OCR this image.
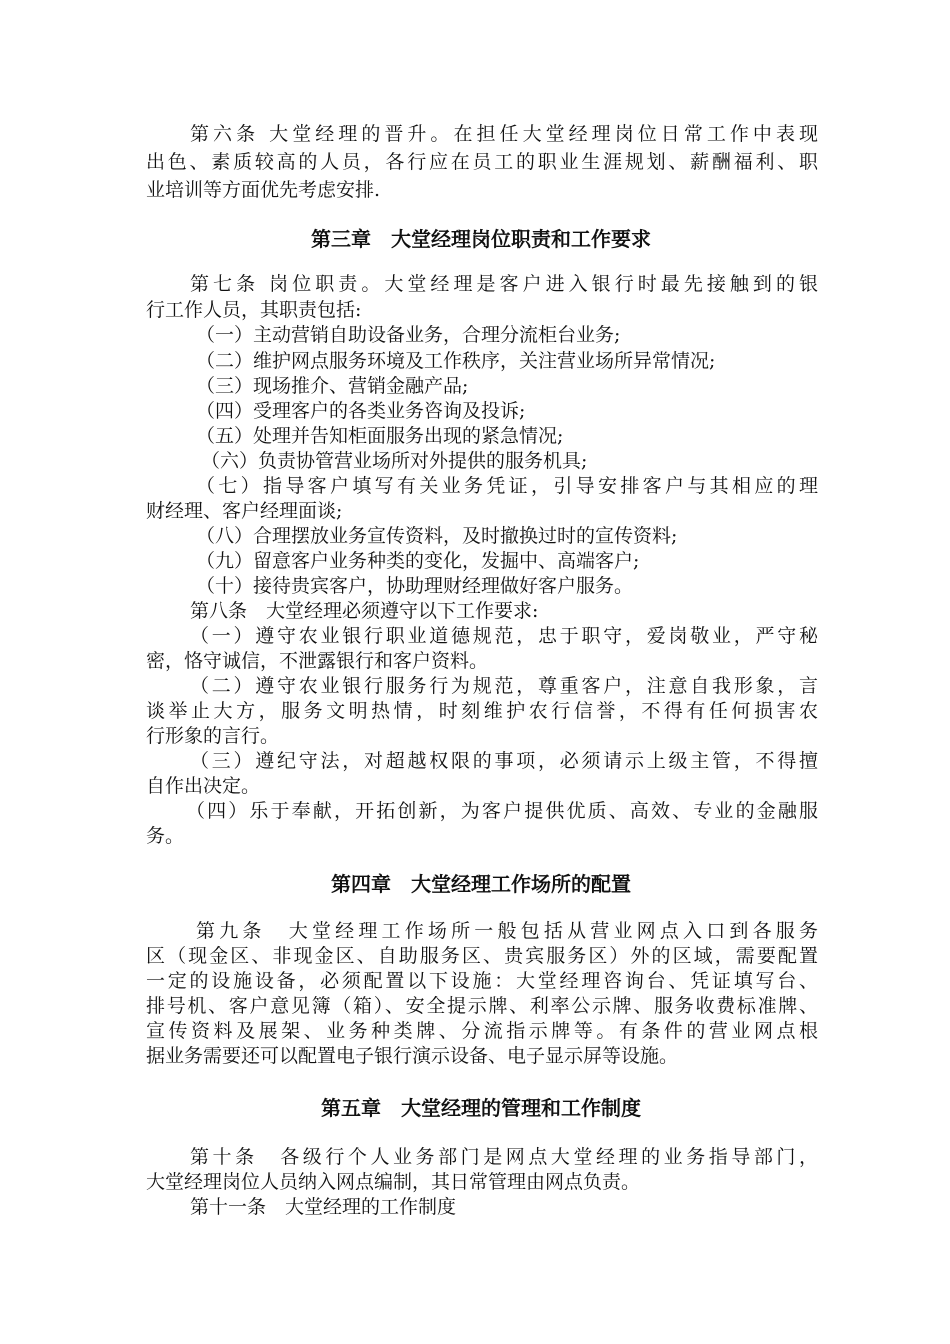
第六条 大堂经理的晋升。在担任大堂经理岗位日常工作中表现
出色、素质较高的人员，各行应在员工的职业生涯规划、薪酬福利、职
业培训等方面优先考虑安排.
第三章　大堂经理岗位职责和工作要求
第七条 岗位职责。大堂经理是客户进入银行时最先接触到的银
行工作人员，其职责包括:
（一）主动营销自助设备业务，合理分流柜台业务;
（二）维护网点服务环境及工作秩序，关注营业场所异常情况;
（三）现场推介、营销金融产品;
（四）受理客户的各类业务咨询及投诉;
（五）处理并告知柜面服务出现的紧急情况;
（六）负责协管营业场所对外提供的服务机具;
（七）指导客户填写有关业务凭证，引导安排客户与其相应的理
财经理、客户经理面谈;
（八）合理摆放业务宣传资料，及时撤换过时的宣传资料;
（九）留意客户业务种类的变化，发掘中、高端客户;
（十）接待贵宾客户，协助理财经理做好客户服务。
第八条　大堂经理必须遵守以下工作要求:
（一）遵守农业银行职业道德规范，忠于职守，爱岗敬业，严守秘
密，恪守诚信，不泄露银行和客户资料。
（二）遵守农业银行服务行为规范，尊重客户，注意自我形象，言
谈举止大方，服务文明热情，时刻维护农行信誉，不得有任何损害农
行形象的言行。
（三）遵纪守法，对超越权限的事项，必须请示上级主管，不得擅
自作出决定。
（四）乐于奉献，开拓创新，为客户提供优质、高效、专业的金融服
务。
第四章　大堂经理工作场所的配置
第九条　大堂经理工作场所一般包括从营业网点入口到各服务
区（现金区、非现金区、自助服务区、贵宾服务区）外的区域，需要配置
一定的设施设备，必须配置以下设施：大堂经理咨询台、凭证填写台、
排号机、客户意见簿（箱）、安全提示牌、利率公示牌、服务收费标准牌、
宣传资料及展架、业务种类牌、分流指示牌等。有条件的营业网点根
据业务需要还可以配置电子银行演示设备、电子显示屏等设施。
第五章　大堂经理的管理和工作制度
第十条　各级行个人业务部门是网点大堂经理的业务指导部门，
大堂经理岗位人员纳入网点编制，其日常管理由网点负责。
第十一条　大堂经理的工作制度
